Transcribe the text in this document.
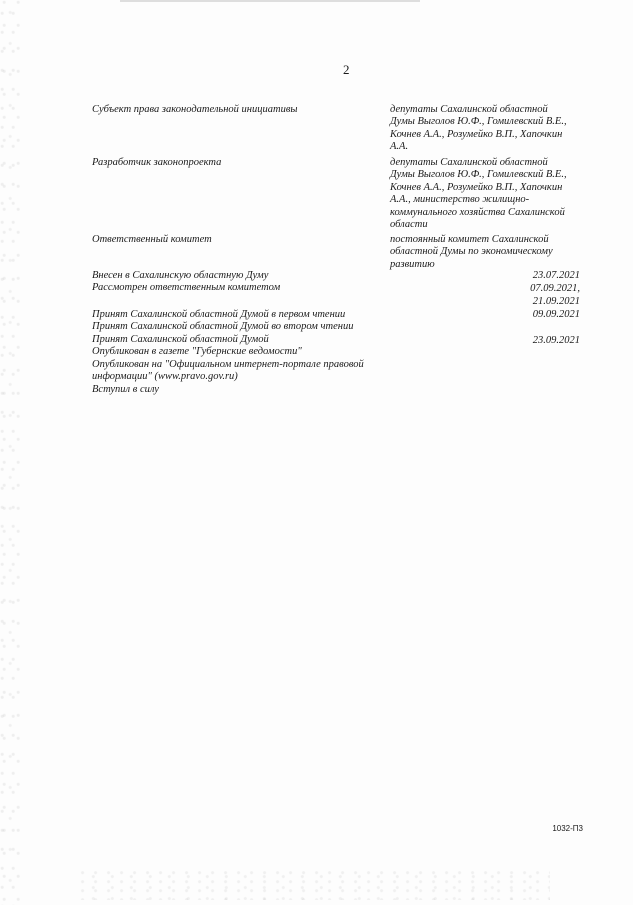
2
Субъект права законодательной инициативы	депутаты Сахалинской областной
Думы Выголов Ю.Ф., Гомилевский В.Е.,
Кочнев А.А., Розумейко В.П., Хапочкин
А.А.
Разработчик законопроекта	депутаты Сахалинской областной
Думы Выголов Ю.Ф., Гомилевский В.Е.,
Кочнев А.А., Розумейко В.П., Хапочкин
А.А., министерство жилищно-
коммунального хозяйства Сахалинской
области
Ответственный комитет	постоянный комитет Сахалинской
областной Думы по экономическому
развитию
Внесен в Сахалинскую областную Думу	23.07.2021
Рассмотрен ответственным комитетом	07.09.2021,
21.09.2021
Принят Сахалинской областной Думой в первом чтении	09.09.2021
Принят Сахалинской областной Думой во втором чтении
Принят Сахалинской областной Думой	23.09.2021
Опубликован в газете "Губернские ведомости"
Опубликован на "Официальном интернет-портале правовой
информации" (www.pravo.gov.ru)
Вступил в силу
1032-П3
